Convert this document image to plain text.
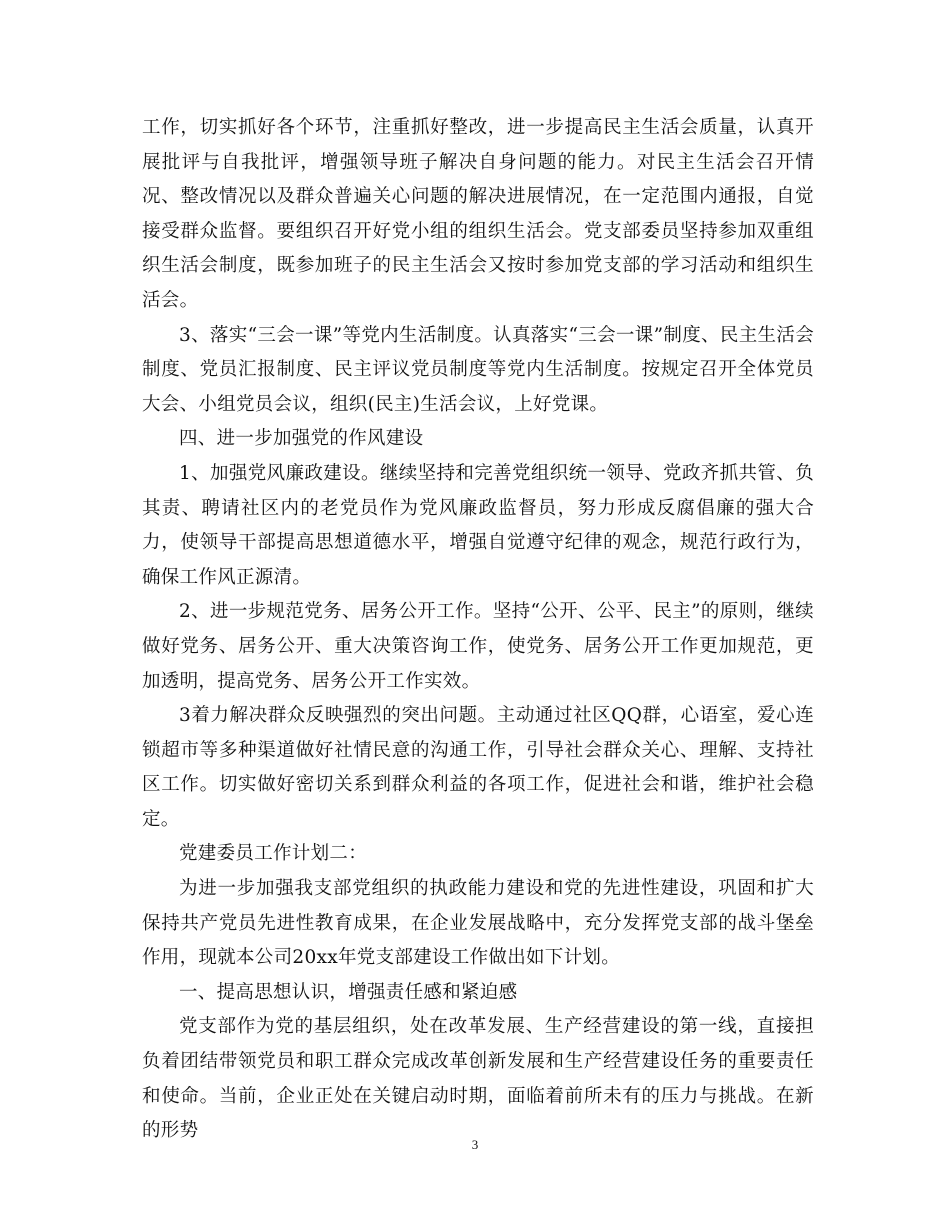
工作，切实抓好各个环节，注重抓好整改，进一步提高民主生活会质量，认真开展批评与自我批评，增强领导班子解决自身问题的能力。对民主生活会召开情况、整改情况以及群众普遍关心问题的解决进展情况，在一定范围内通报，自觉接受群众监督。要组织召开好党小组的组织生活会。党支部委员坚持参加双重组织生活会制度，既参加班子的民主生活会又按时参加党支部的学习活动和组织生活会。

3、落实“三会一课”等党内生活制度。认真落实“三会一课”制度、民主生活会制度、党员汇报制度、民主评议党员制度等党内生活制度。按规定召开全体党员大会、小组党员会议，组织(民主)生活会议，上好党课。

四、进一步加强党的作风建设

1、加强党风廉政建设。继续坚持和完善党组织统一领导、党政齐抓共管、负其责、聘请社区内的老党员作为党风廉政监督员，努力形成反腐倡廉的强大合力，使领导干部提高思想道德水平，增强自觉遵守纪律的观念，规范行政行为，确保工作风正源清。

2、进一步规范党务、居务公开工作。坚持“公开、公平、民主”的原则，继续做好党务、居务公开、重大决策咨询工作，使党务、居务公开工作更加规范，更加透明，提高党务、居务公开工作实效。

3着力解决群众反映强烈的突出问题。主动通过社区QQ群，心语室，爱心连锁超市等多种渠道做好社情民意的沟通工作，引导社会群众关心、理解、支持社区工作。切实做好密切关系到群众利益的各项工作，促进社会和谐，维护社会稳定。

党建委员工作计划二：

为进一步加强我支部党组织的执政能力建设和党的先进性建设，巩固和扩大保持共产党员先进性教育成果，在企业发展战略中，充分发挥党支部的战斗堡垒作用，现就本公司20xx年党支部建设工作做出如下计划。

一、提高思想认识，增强责任感和紧迫感

党支部作为党的基层组织，处在改革发展、生产经营建设的第一线，直接担负着团结带领党员和职工群众完成改革创新发展和生产经营建设任务的重要责任和使命。当前，企业正处在关键启动时期，面临着前所未有的压力与挑战。在新的形势

3
